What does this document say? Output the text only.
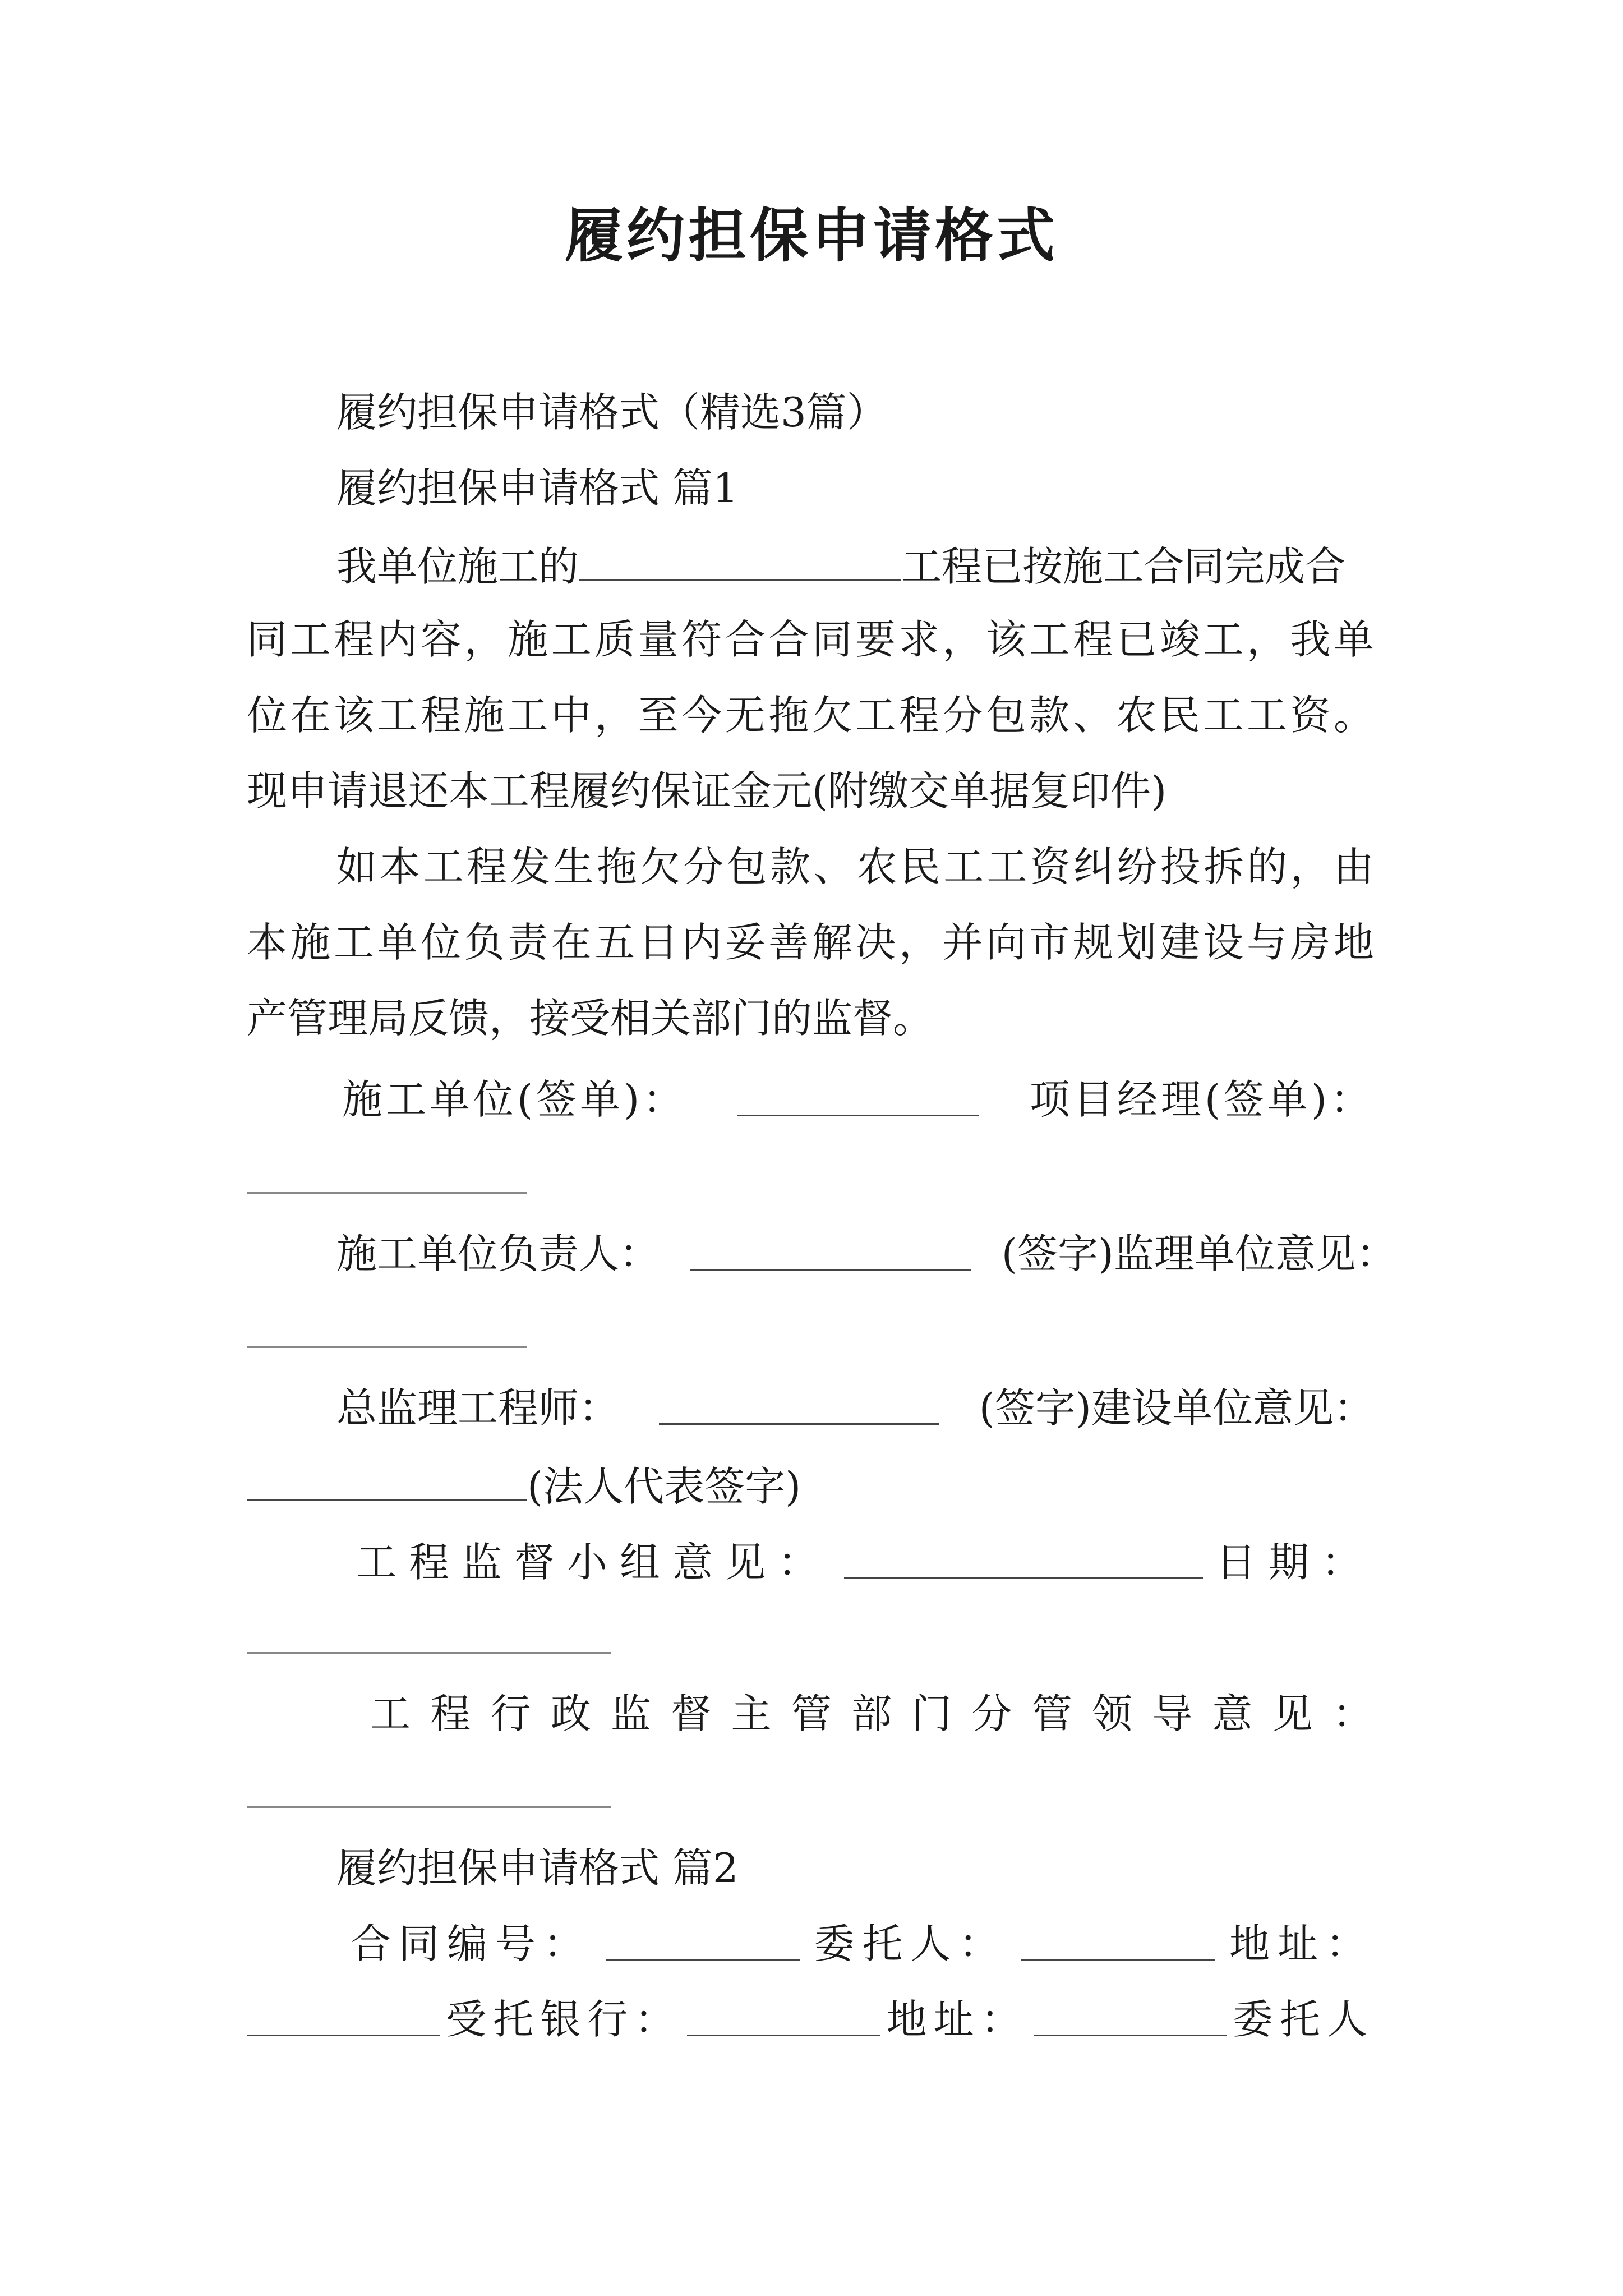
履约担保申请格式
履约担保申请格式（精选3篇）
履约担保申请格式 篇1
我单位施工的	工程已按施工合同完成合
同工程内容，施工质量符合合同要求，该工程已竣工，我单
位在该工程施工中，至今无拖欠工程分包款、农民工工资。
现申请退还本工程履约保证金元(附缴交单据复印件)
如本工程发生拖欠分包款、农民工工资纠纷投拆的，由
本施工单位负责在五日内妥善解决，并向市规划建设与房地
产管理局反馈，接受相关部门的监督。
施工单位(签单)：	项目经理(签单)：
施工单位负责人：	(签字)监理单位意见：
总监理工程师：	(签字)建设单位意见：
(法人代表签字)
工程监督小组意见：	日期：
工程行政监督主管部门分管领导意见：
履约担保申请格式 篇2
合同编号：	委托人：	地址：
受托银行：	地址：	委托人
